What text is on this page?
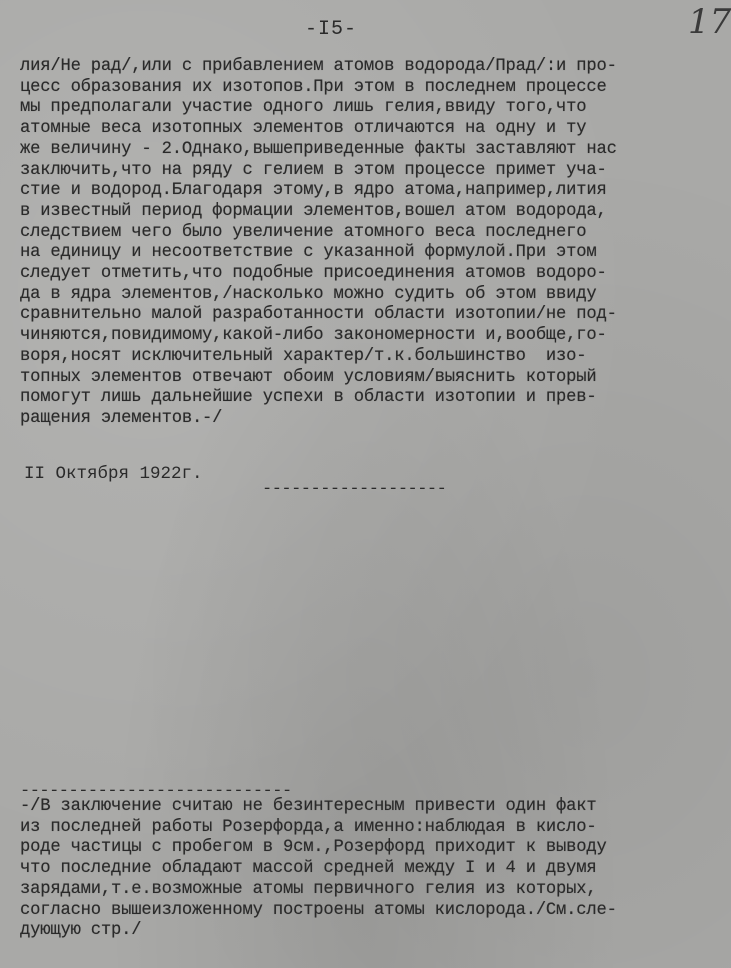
-I5-	17
лия/Не рад/,или с прибавлением атомов водорода/Прад/:и про-
цесс образования их изотопов.При этом в последнем процессе
мы предполагали участие одного лишь гелия,ввиду того,что
атомные веса изотопных элементов отличаются на одну и ту
же величину - 2.Однако,вышеприведенные факты заставляют нас
заключить,что на ряду с гелием в этом процессе примет уча-
стие и водород.Благодаря этому,в ядро атома,например,лития
в известный период формации элементов,вошел атом водорода,
следствием чего было увеличение атомного веса последнего
на единицу и несоответствие с указанной формулой.При этом
следует отметить,что подобные присоединения атомов водоро-
да в ядра элементов,/насколько можно судить об этом ввиду
сравнительно малой разработанности области изотопии/не под-
чиняются,повидимому,какой-либо закономерности и,вообще,го-
воря,носят исключительный характер/т.к.большинство  изо-
топных элементов отвечают обоим условиям/выяснить который
помогут лишь дальнейшие успехи в области изотопии и прев-
ращения элементов.-/
II Октября 1922г.
-------------------
----------------------------
-/В заключение считаю не безинтересным привести один факт
из последней работы Розерфорда,а именно:наблюдая в кисло-
роде частицы с пробегом в 9см.,Розерфорд приходит к выводу
что последние обладают массой средней между I и 4 и двумя
зарядами,т.е.возможные атомы первичного гелия из которых,
согласно вышеизложенному построены атомы кислорода./См.сле-
дующую стр./
